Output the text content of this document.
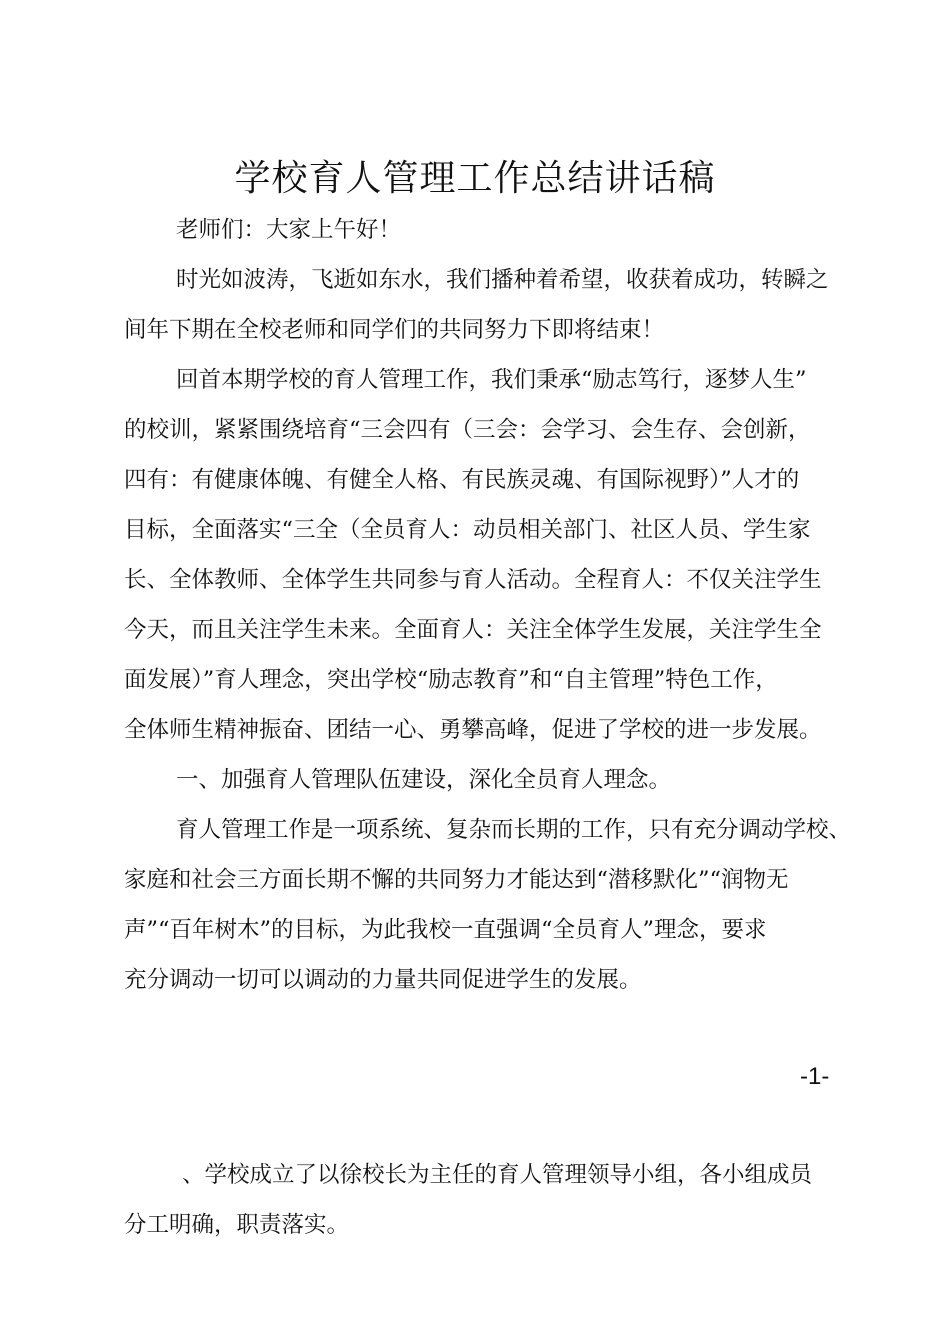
学校育人管理工作总结讲话稿
老师们：大家上午好！
时光如波涛，飞逝如东水，我们播种着希望，收获着成功，转瞬之
间年下期在全校老师和同学们的共同努力下即将结束！
回首本期学校的育人管理工作，我们秉承“励志笃行，逐梦人生”
的校训，紧紧围绕培育“三会四有（三会：会学习、会生存、会创新，
四有：有健康体魄、有健全人格、有民族灵魂、有国际视野）”人才的
目标，全面落实“三全（全员育人：动员相关部门、社区人员、学生家
长、全体教师、全体学生共同参与育人活动。全程育人：不仅关注学生
今天，而且关注学生未来。全面育人：关注全体学生发展，关注学生全
面发展）”育人理念，突出学校“励志教育”和“自主管理”特色工作，
全体师生精神振奋、团结一心、勇攀高峰，促进了学校的进一步发展。
一、加强育人管理队伍建设，深化全员育人理念。
育人管理工作是一项系统、复杂而长期的工作，只有充分调动学校、
家庭和社会三方面长期不懈的共同努力才能达到“潜移默化”“润物无
声”“百年树木”的目标，为此我校一直强调“全员育人”理念，要求
充分调动一切可以调动的力量共同促进学生的发展。
-1-
、学校成立了以徐校长为主任的育人管理领导小组，各小组成员
分工明确，职责落实。
